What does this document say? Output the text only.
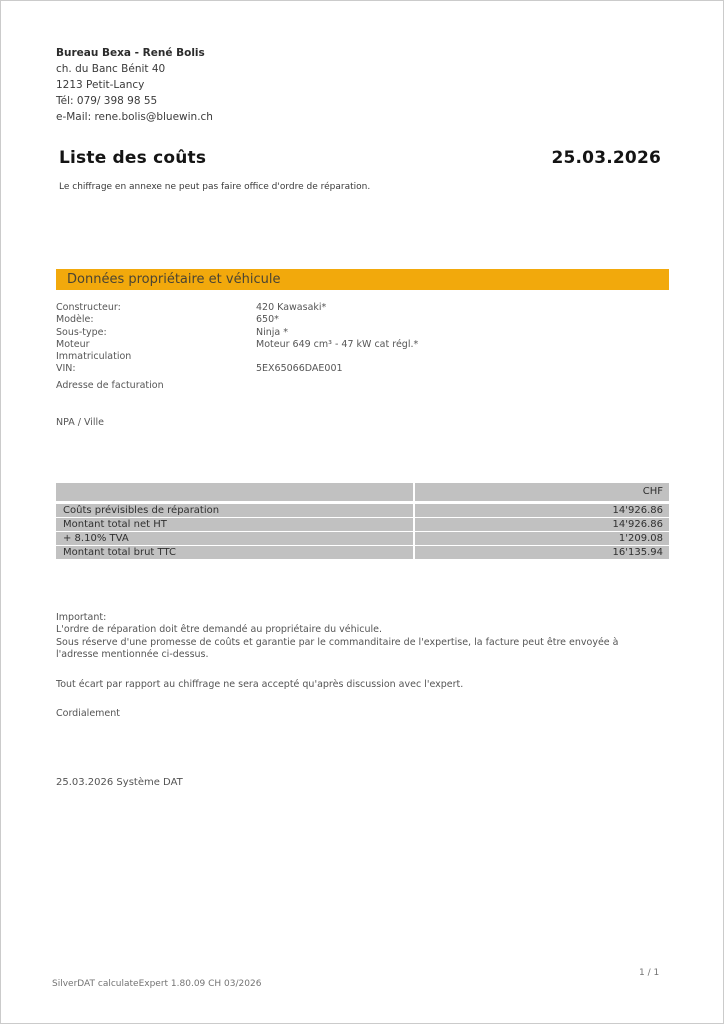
Bureau Bexa - René Bolis
ch. du Banc Bénit 40
1213 Petit-Lancy
Tél: 079/ 398 98 55
e-Mail: rene.bolis@bluewin.ch
Liste des coûts	25.03.2026
Le chiffrage en annexe ne peut pas faire office d'ordre de réparation.
Données propriétaire et véhicule
Constructeur:	420 Kawasaki*
Modèle:	650*
Sous-type:	Ninja *
Moteur	Moteur 649 cm³ - 47 kW cat régl.*
Immatriculation
VIN:	5EX65066DAE001
Adresse de facturation
NPA / Ville
CHF
Coûts prévisibles de réparation	14'926.86
Montant total net HT	14'926.86
+ 8.10% TVA	1'209.08
Montant total brut TTC	16'135.94
Important:
L'ordre de réparation doit être demandé au propriétaire du véhicule.
Sous réserve d'une promesse de coûts et garantie par le commanditaire de l'expertise, la facture peut être envoyée à
l'adresse mentionnée ci-dessus.
Tout écart par rapport au chiffrage ne sera accepté qu'après discussion avec l'expert.
Cordialement
25.03.2026 Système DAT
SilverDAT calculateExpert 1.80.09 CH 03/2026
1 / 1
